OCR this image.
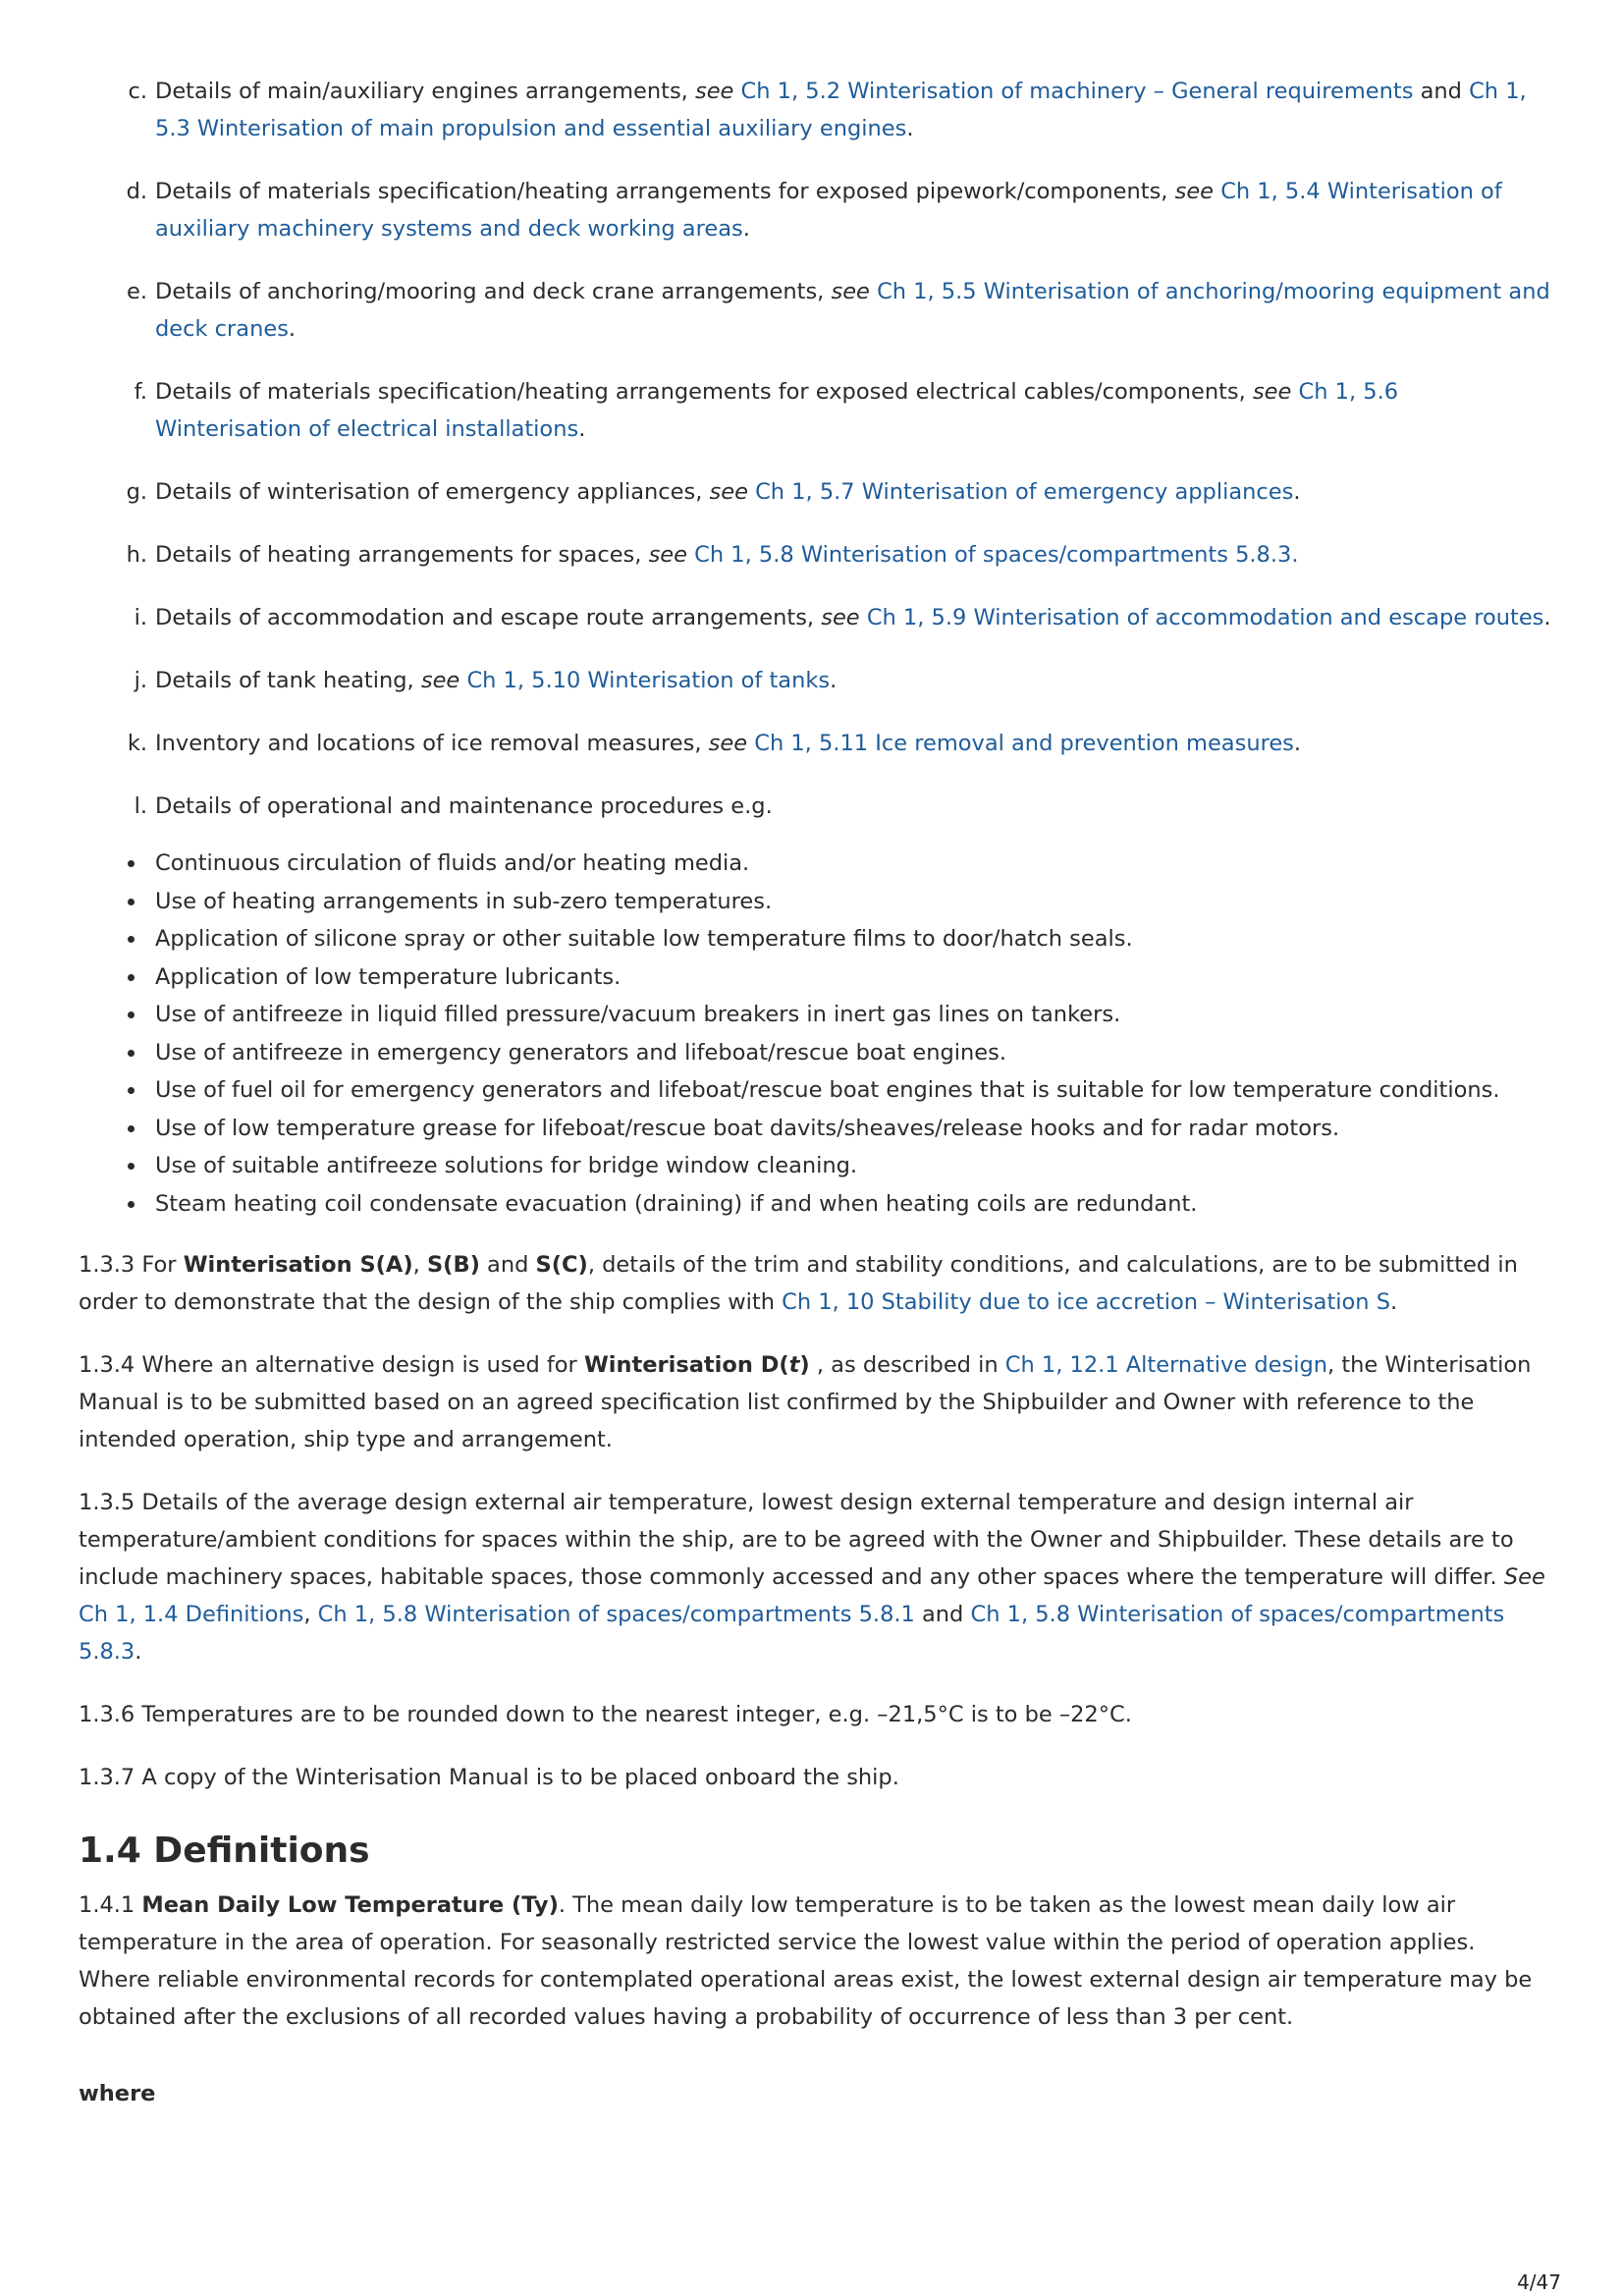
c. Details of main/auxiliary engines arrangements, see Ch 1, 5.2 Winterisation of machinery – General requirements and Ch 1, 5.3 Winterisation of main propulsion and essential auxiliary engines.
d. Details of materials specification/heating arrangements for exposed pipework/components, see Ch 1, 5.4 Winterisation of auxiliary machinery systems and deck working areas.
e. Details of anchoring/mooring and deck crane arrangements, see Ch 1, 5.5 Winterisation of anchoring/mooring equipment and deck cranes.
f. Details of materials specification/heating arrangements for exposed electrical cables/components, see Ch 1, 5.6 Winterisation of electrical installations.
g. Details of winterisation of emergency appliances, see Ch 1, 5.7 Winterisation of emergency appliances.
h. Details of heating arrangements for spaces, see Ch 1, 5.8 Winterisation of spaces/compartments 5.8.3.
i. Details of accommodation and escape route arrangements, see Ch 1, 5.9 Winterisation of accommodation and escape routes.
j. Details of tank heating, see Ch 1, 5.10 Winterisation of tanks.
k. Inventory and locations of ice removal measures, see Ch 1, 5.11 Ice removal and prevention measures.
l. Details of operational and maintenance procedures e.g.
Continuous circulation of fluids and/or heating media.
Use of heating arrangements in sub-zero temperatures.
Application of silicone spray or other suitable low temperature films to door/hatch seals.
Application of low temperature lubricants.
Use of antifreeze in liquid filled pressure/vacuum breakers in inert gas lines on tankers.
Use of antifreeze in emergency generators and lifeboat/rescue boat engines.
Use of fuel oil for emergency generators and lifeboat/rescue boat engines that is suitable for low temperature conditions.
Use of low temperature grease for lifeboat/rescue boat davits/sheaves/release hooks and for radar motors.
Use of suitable antifreeze solutions for bridge window cleaning.
Steam heating coil condensate evacuation (draining) if and when heating coils are redundant.

1.3.3 For Winterisation S(A), S(B) and S(C), details of the trim and stability conditions, and calculations, are to be submitted in order to demonstrate that the design of the ship complies with Ch 1, 10 Stability due to ice accretion – Winterisation S.

1.3.4 Where an alternative design is used for Winterisation D(t) , as described in Ch 1, 12.1 Alternative design, the Winterisation Manual is to be submitted based on an agreed specification list confirmed by the Shipbuilder and Owner with reference to the intended operation, ship type and arrangement.

1.3.5 Details of the average design external air temperature, lowest design external temperature and design internal air temperature/ambient conditions for spaces within the ship, are to be agreed with the Owner and Shipbuilder. These details are to include machinery spaces, habitable spaces, those commonly accessed and any other spaces where the temperature will differ. See Ch 1, 1.4 Definitions, Ch 1, 5.8 Winterisation of spaces/compartments 5.8.1 and Ch 1, 5.8 Winterisation of spaces/compartments 5.8.3.

1.3.6 Temperatures are to be rounded down to the nearest integer, e.g. –21,5°C is to be –22°C.

1.3.7 A copy of the Winterisation Manual is to be placed onboard the ship.

1.4 Definitions

1.4.1 Mean Daily Low Temperature (Ty). The mean daily low temperature is to be taken as the lowest mean daily low air temperature in the area of operation. For seasonally restricted service the lowest value within the period of operation applies. Where reliable environmental records for contemplated operational areas exist, the lowest external design air temperature may be obtained after the exclusions of all recorded values having a probability of occurrence of less than 3 per cent.

where
4/47
